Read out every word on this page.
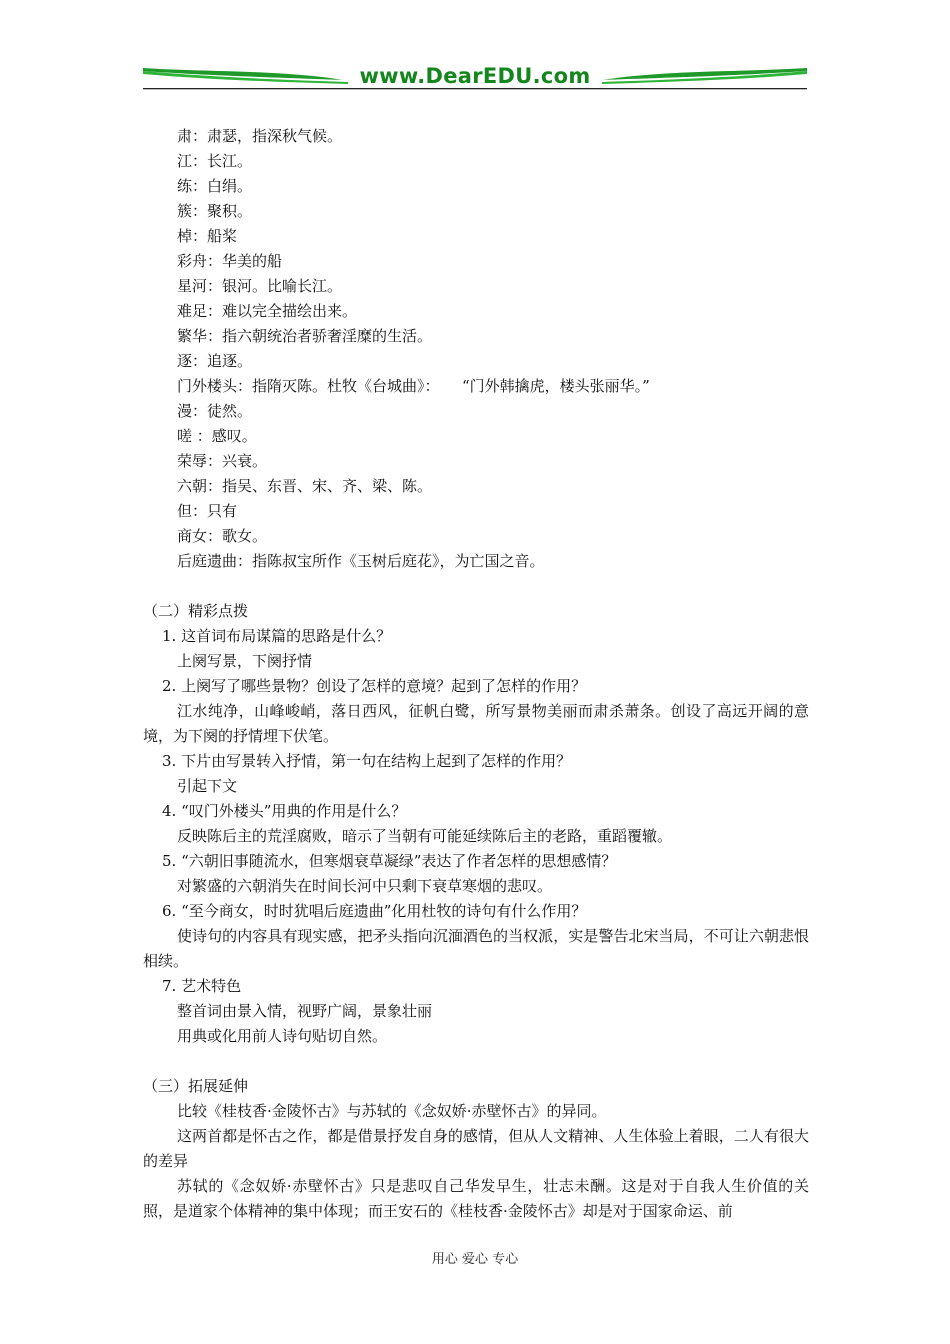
www.DearEDU.com
肃：肃瑟，指深秋气候。
江：长江。
练：白绢。
簇：聚积。
棹：船桨
彩舟：华美的船
星河：银河。比喻长江。
难足：难以完全描绘出来。
繁华：指六朝统治者骄奢淫糜的生活。
逐：追逐。
门外楼头：指隋灭陈。杜牧《台城曲》：　　“门外韩擒虎，楼头张丽华。”
漫：徒然。
嗟 ：感叹。
荣辱：兴衰。
六朝：指吴、东晋、宋、齐、梁、陈。
但：只有
商女：歌女。
后庭遗曲：指陈叔宝所作《玉树后庭花》，为亡国之音。
（二）精彩点拨
1. 这首词布局谋篇的思路是什么？
上阕写景，下阕抒情
2. 上阕写了哪些景物？创设了怎样的意境？起到了怎样的作用？
江水纯净，山峰峻峭，落日西风，征帆白鹭，所写景物美丽而肃杀萧条。创设了高远开阔的意境，为下阕的抒情埋下伏笔。
3. 下片由写景转入抒情，第一句在结构上起到了怎样的作用？
引起下文
4. “叹门外楼头”用典的作用是什么？
反映陈后主的荒淫腐败，暗示了当朝有可能延续陈后主的老路，重蹈覆辙。
5. “六朝旧事随流水，但寒烟衰草凝绿”表达了作者怎样的思想感情？
对繁盛的六朝消失在时间长河中只剩下衰草寒烟的悲叹。
6. “至今商女，时时犹唱后庭遗曲”化用杜牧的诗句有什么作用？
使诗句的内容具有现实感，把矛头指向沉湎酒色的当权派，实是警告北宋当局，不可让六朝悲恨相续。
7. 艺术特色
整首词由景入情，视野广阔，景象壮丽
用典或化用前人诗句贴切自然。
（三）拓展延伸
比较《桂枝香·金陵怀古》与苏轼的《念奴娇·赤壁怀古》的异同。
这两首都是怀古之作，都是借景抒发自身的感情，但从人文精神、人生体验上着眼，二人有很大的差异
苏轼的《念奴娇·赤壁怀古》只是悲叹自己华发早生，壮志未酬。这是对于自我人生价值的关照，是道家个体精神的集中体现；而王安石的《桂枝香·金陵怀古》却是对于国家命运、前
用心 爱心 专心
